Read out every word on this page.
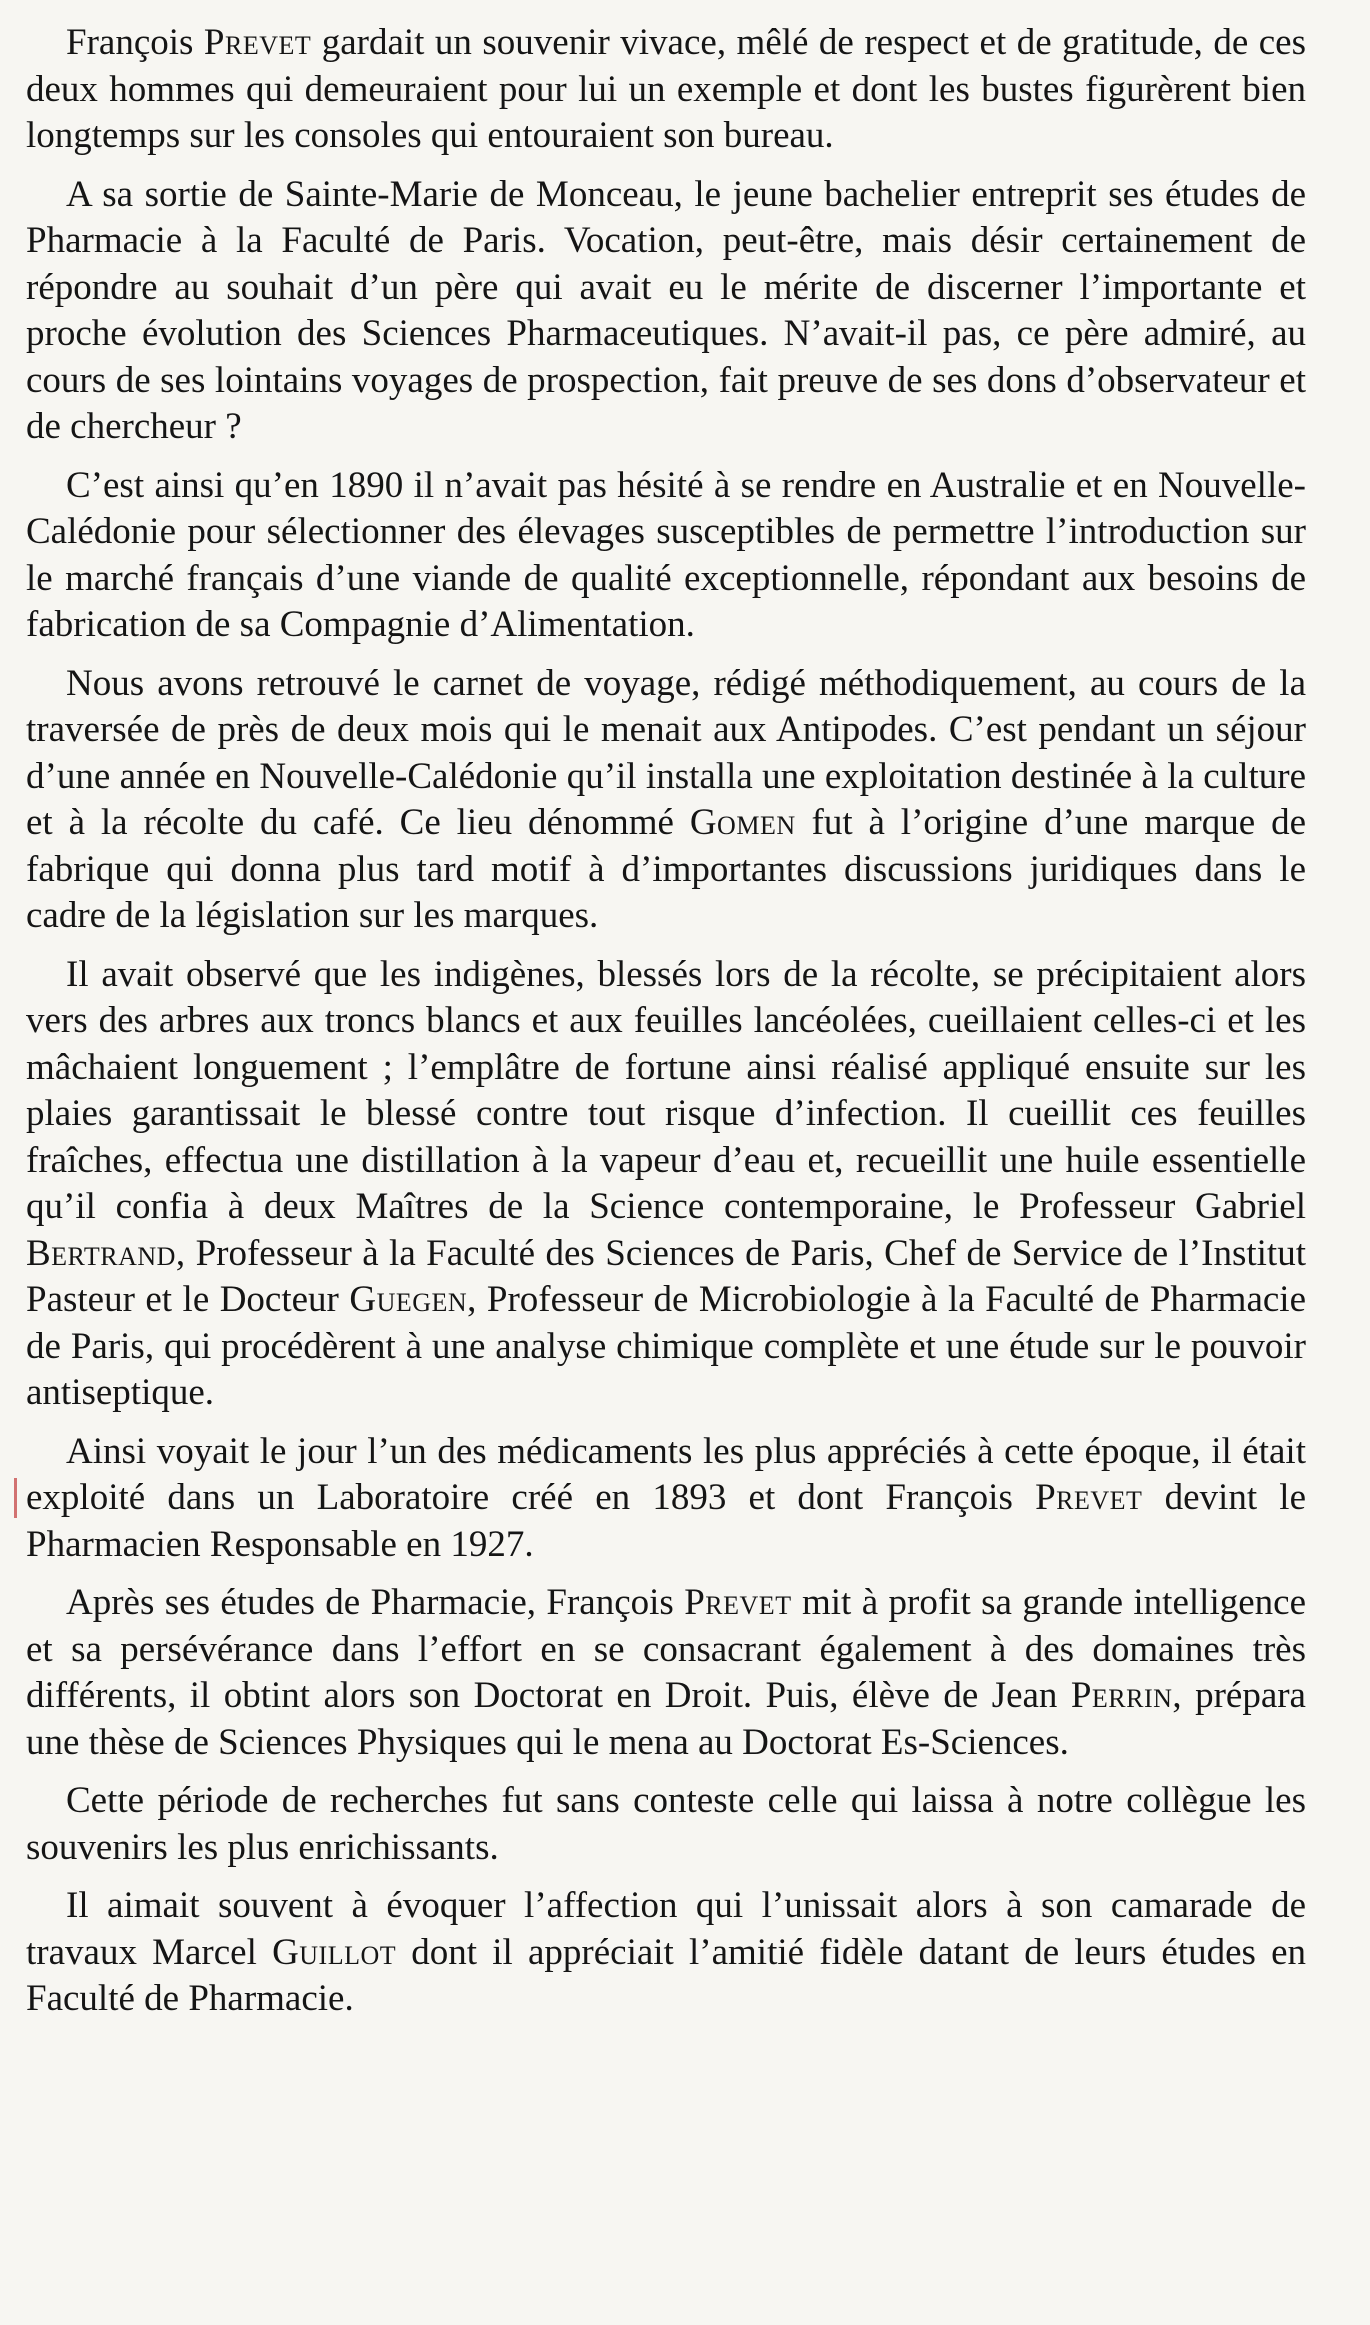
François Prevet gardait un souvenir vivace, mêlé de respect et de gratitude, de ces deux hommes qui demeuraient pour lui un exemple et dont les bustes figurèrent bien longtemps sur les consoles qui entouraient son bureau.

A sa sortie de Sainte-Marie de Monceau, le jeune bachelier entreprit ses études de Pharmacie à la Faculté de Paris. Vocation, peut-être, mais désir certainement de répondre au souhait d’un père qui avait eu le mérite de discerner l’importante et proche évolution des Sciences Pharmaceutiques. N’avait-il pas, ce père admiré, au cours de ses lointains voyages de prospection, fait preuve de ses dons d’observateur et de chercheur ?

C’est ainsi qu’en 1890 il n’avait pas hésité à se rendre en Australie et en Nouvelle-Calédonie pour sélectionner des élevages susceptibles de permettre l’introduction sur le marché français d’une viande de qualité exceptionnelle, répondant aux besoins de fabrication de sa Compagnie d’Alimentation.

Nous avons retrouvé le carnet de voyage, rédigé méthodiquement, au cours de la traversée de près de deux mois qui le menait aux Antipodes. C’est pendant un séjour d’une année en Nouvelle-Calédonie qu’il installa une exploitation destinée à la culture et à la récolte du café. Ce lieu dénommé Gomen fut à l’origine d’une marque de fabrique qui donna plus tard motif à d’importantes discussions juridiques dans le cadre de la législation sur les marques.

Il avait observé que les indigènes, blessés lors de la récolte, se précipitaient alors vers des arbres aux troncs blancs et aux feuilles lancéolées, cueillaient celles-ci et les mâchaient longuement ; l’emplâtre de fortune ainsi réalisé appliqué ensuite sur les plaies garantissait le blessé contre tout risque d’infection. Il cueillit ces feuilles fraîches, effectua une distillation à la vapeur d’eau et, recueillit une huile essentielle qu’il confia à deux Maîtres de la Science contemporaine, le Professeur Gabriel Bertrand, Professeur à la Faculté des Sciences de Paris, Chef de Service de l’Institut Pasteur et le Docteur Guegen, Professeur de Microbiologie à la Faculté de Pharmacie de Paris, qui procédèrent à une analyse chimique complète et une étude sur le pouvoir antiseptique.

Ainsi voyait le jour l’un des médicaments les plus appréciés à cette époque, il était exploité dans un Laboratoire créé en 1893 et dont François Prevet devint le Pharmacien Responsable en 1927.

Après ses études de Pharmacie, François Prevet mit à profit sa grande intelligence et sa persévérance dans l’effort en se consacrant également à des domaines très différents, il obtint alors son Doctorat en Droit. Puis, élève de Jean Perrin, prépara une thèse de Sciences Physiques qui le mena au Doctorat Es-Sciences.

Cette période de recherches fut sans conteste celle qui laissa à notre collègue les souvenirs les plus enrichissants.

Il aimait souvent à évoquer l’affection qui l’unissait alors à son camarade de travaux Marcel Guillot dont il appréciait l’amitié fidèle datant de leurs études en Faculté de Pharmacie.
